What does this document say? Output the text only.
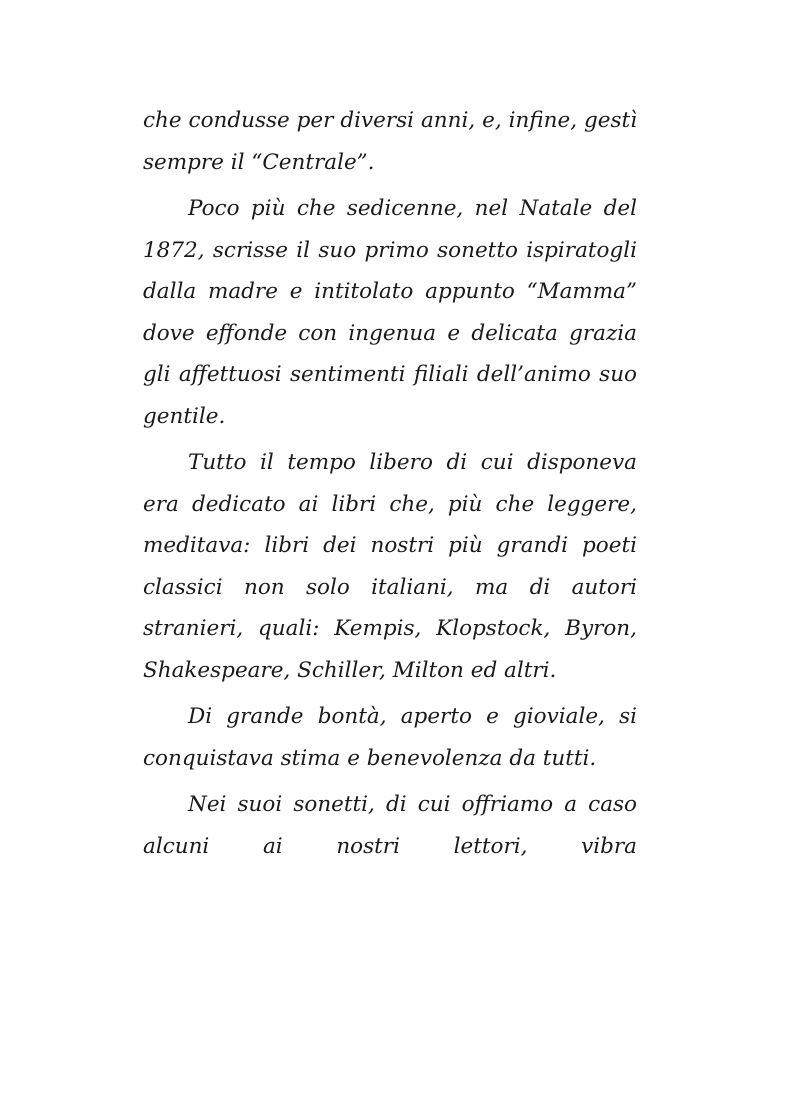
che condusse per diversi anni, e, infine, gestì sempre il “Centrale”.

Poco più che sedicenne, nel Natale del 1872, scrisse il suo primo sonetto ispiratogli dalla madre e intitolato appunto “Mamma” dove effonde con ingenua e delicata grazia gli affettuosi sentimenti filiali dell’animo suo gentile.

Tutto il tempo libero di cui disponeva era dedicato ai libri che, più che leggere, meditava: libri dei nostri più grandi poeti classici non solo italiani, ma di autori stranieri, quali: Kempis, Klopstock, Byron, Shakespeare, Schiller, Milton ed altri.

Di grande bontà, aperto e gioviale, si conquistava stima e benevolenza da tutti.

Nei suoi sonetti, di cui offriamo a caso alcuni ai nostri lettori, vibra
